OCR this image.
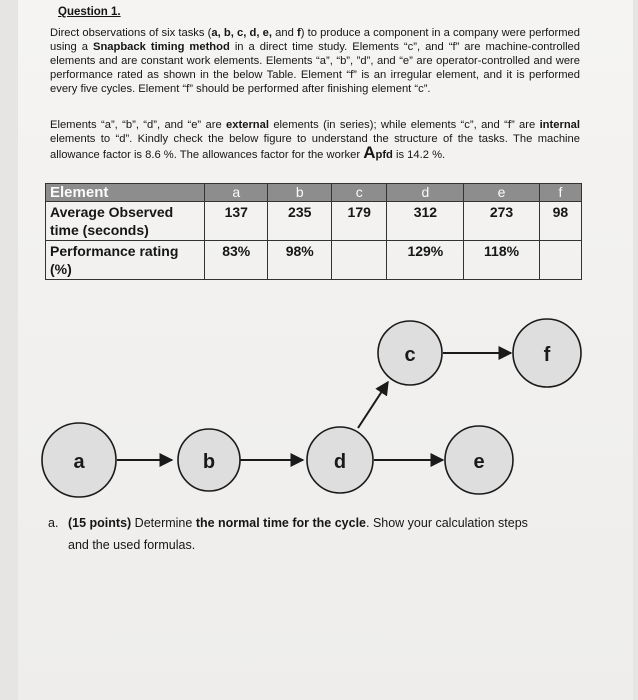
Question 1.
Direct observations of six tasks (a, b, c, d, e, and f) to produce a component in a company were performed using a Snapback timing method in a direct time study. Elements “c”, and “f” are machine-controlled elements and are constant work elements. Elements “a”, “b”, ”d”, and “e” are operator-controlled and were performance rated as shown in the below Table. Element “f” is an irregular element, and it is performed every five cycles. Element “f” should be performed after finishing element “c”.
Elements “a”, “b”, “d”, and “e” are external elements (in series); while elements “c”, and “f” are internal elements to “d”. Kindly check the below figure to understand the structure of the tasks. The machine allowance factor is 8.6 %. The allowances factor for the worker Apfd is 14.2 %.
Element	a	b	c	d	e	f
Average Observed time (seconds)	137	235	179	312	273	98
Performance rating (%)	83%	98%		129%	118%	
a	b	d	e
c	f
a. (15 points) Determine the normal time for the cycle. Show your calculation steps
and the used formulas.
